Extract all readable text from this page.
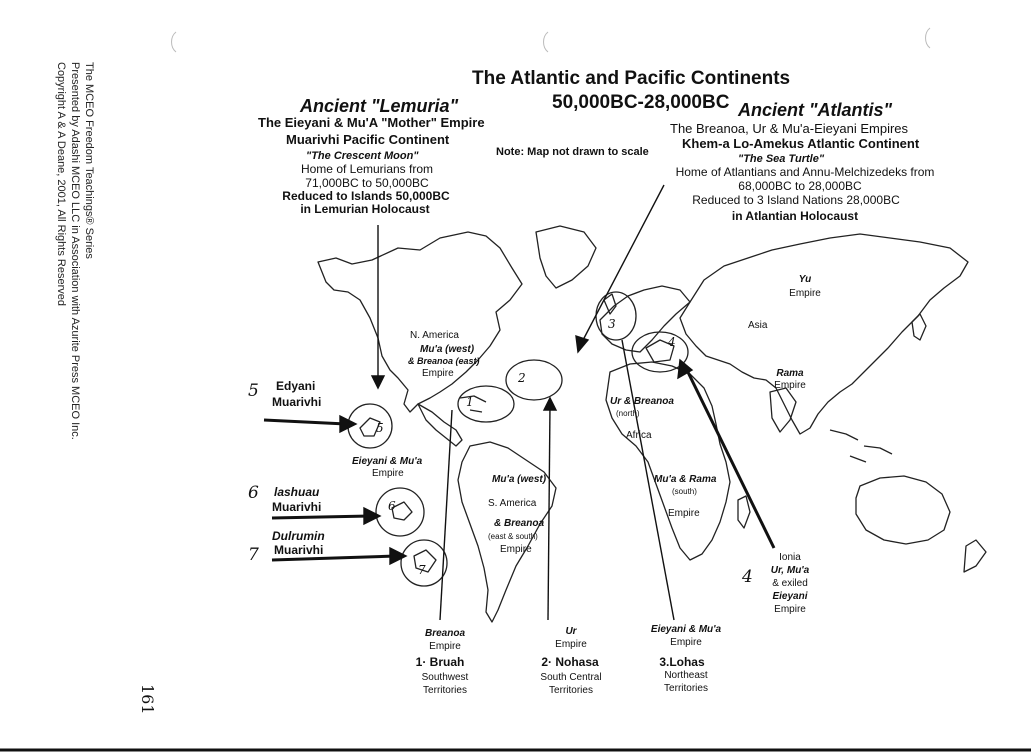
The MCEO Freedom Teachings® Series
Presented by Adashi MCEO LLC in Association with Azurite Press MCEO Inc.
Copyright A & A Deane, 2001, All Rights Reserved
161
The Atlantic and Pacific Continents
50,000BC-28,000BC
Note: Map not drawn to scale
Ancient "Lemuria"
The Eieyani & Mu'A "Mother" Empire
Muarivhi Pacific Continent
"The Crescent Moon"
Home of Lemurians from
71,000BC to 50,000BC
Reduced to Islands 50,000BC
in Lemurian Holocaust
Ancient "Atlantis"
The Breanoa, Ur & Mu'a-Eieyani Empires
Khem-a Lo-Amekus Atlantic Continent
"The Sea Turtle"
Home of Atlantians and Annu-Melchizedeks from
68,000BC to 28,000BC
Reduced to 3 Island Nations 28,000BC
in Atlantian Holocaust
N. America
Mu'a (west)
& Breanoa (east)
Empire
Mu'a (west)
S. America
& Breanoa
(east & south)
Empire
Eieyani & Mu'a
Empire
Asia
Yu
Empire
Rama
Empire
Ur & Breanoa
(north)
Africa
Mu'a & Rama
(south)
Empire
Ionia
Ur, Mu'a
& exiled
Eieyani
Empire
4
5 Edyani
Muarivhi
6 lashuau
Muarivhi
7
Dulrumin
Muarivhi
1
2
3
4
5
6
7
Breanoa
Empire
1· Bruah
Southwest
Territories
Ur
Empire
2· Nohasa
South Central
Territories
Eieyani & Mu'a
Empire
3.Lohas
Northeast
Territories
